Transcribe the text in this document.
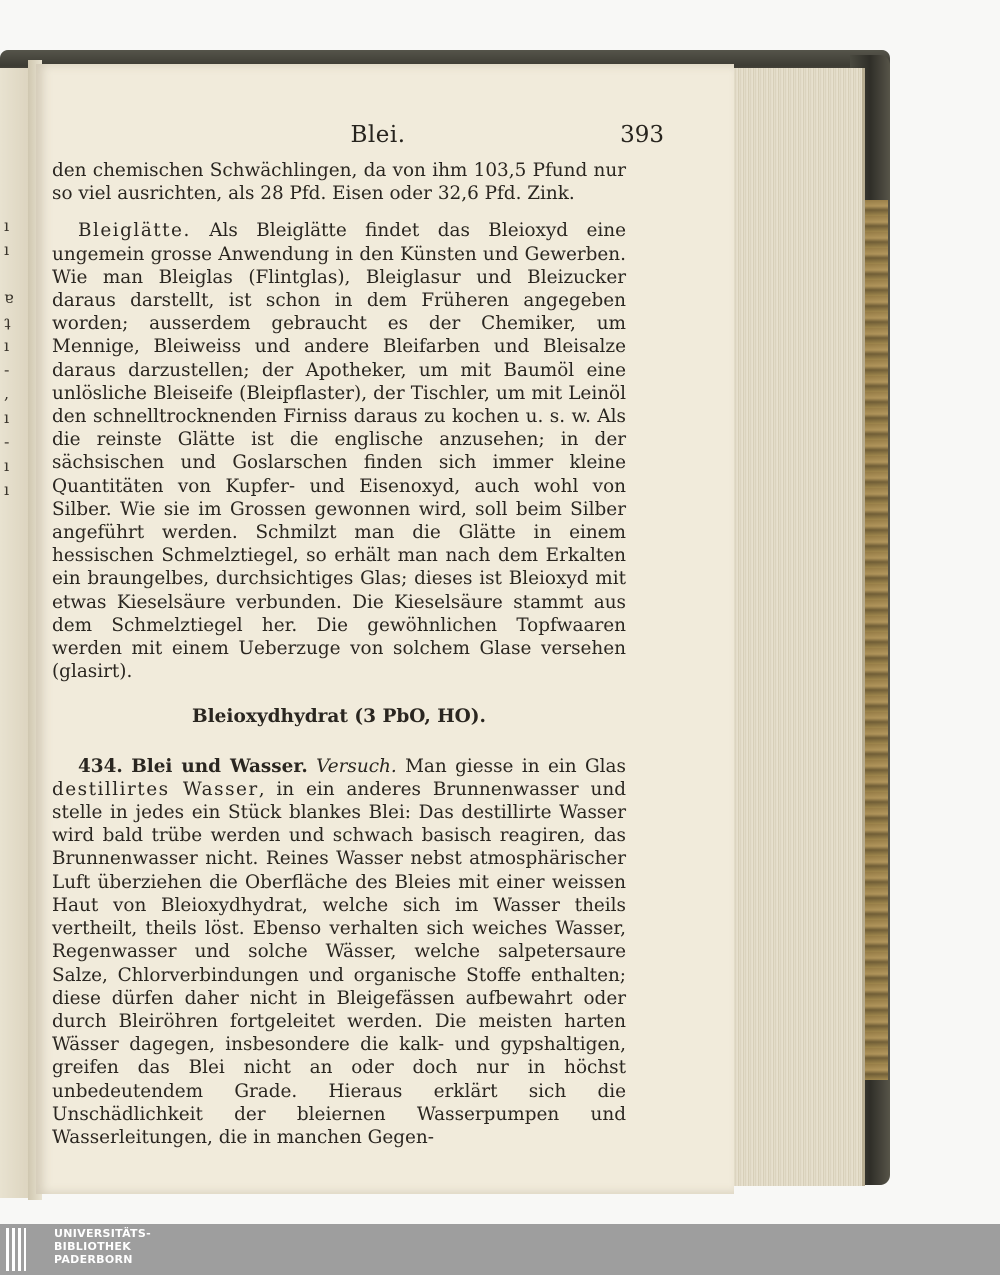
ı
ı
ɐ
ʇ
ı
-
,
ı
-
ı
ı
Blei.	393

den chemischen Schwächlingen, da von ihm 103,5 Pfund nur so viel ausrichten, als 28 Pfd. Eisen oder 32,6 Pfd. Zink.

Bleiglätte. Als Bleiglätte findet das Bleioxyd eine ungemein grosse Anwendung in den Künsten und Gewerben. Wie man Bleiglas (Flintglas), Bleiglasur und Bleizucker daraus darstellt, ist schon in dem Früheren angegeben worden; ausserdem gebraucht es der Chemiker, um Mennige, Bleiweiss und andere Bleifarben und Bleisalze daraus darzustellen; der Apotheker, um mit Baumöl eine unlösliche Bleiseife (Bleipflaster), der Tischler, um mit Leinöl den schnelltrocknenden Firniss daraus zu kochen u. s. w. Als die reinste Glätte ist die englische anzusehen; in der sächsischen und Goslarschen finden sich immer kleine Quantitäten von Kupfer- und Eisenoxyd, auch wohl von Silber. Wie sie im Grossen gewonnen wird, soll beim Silber angeführt werden. Schmilzt man die Glätte in einem hessischen Schmelztiegel, so erhält man nach dem Erkalten ein braungelbes, durchsichtiges Glas; dieses ist Bleioxyd mit etwas Kieselsäure verbunden. Die Kieselsäure stammt aus dem Schmelztiegel her. Die gewöhnlichen Topfwaaren werden mit einem Ueberzuge von solchem Glase versehen (glasirt).

Bleioxydhydrat (3 PbO, HO).

434. Blei und Wasser. Versuch. Man giesse in ein Glas destillirtes Wasser, in ein anderes Brunnenwasser und stelle in jedes ein Stück blankes Blei: Das destillirte Wasser wird bald trübe werden und schwach basisch reagiren, das Brunnenwasser nicht. Reines Wasser nebst atmosphärischer Luft überziehen die Oberfläche des Bleies mit einer weissen Haut von Bleioxydhydrat, welche sich im Wasser theils vertheilt, theils löst. Ebenso verhalten sich weiches Wasser, Regenwasser und solche Wässer, welche salpetersaure Salze, Chlorverbindungen und organische Stoffe enthalten; diese dürfen daher nicht in Bleigefässen aufbewahrt oder durch Bleiröhren fortgeleitet werden. Die meisten harten Wässer dagegen, insbesondere die kalk- und gypshaltigen, greifen das Blei nicht an oder doch nur in höchst unbedeutendem Grade. Hieraus erklärt sich die Unschädlichkeit der bleiernen Wasserpumpen und Wasserleitungen, die in manchen Gegen-

UNIVERSITÄTS-
BIBLIOTHEK
PADERBORN
